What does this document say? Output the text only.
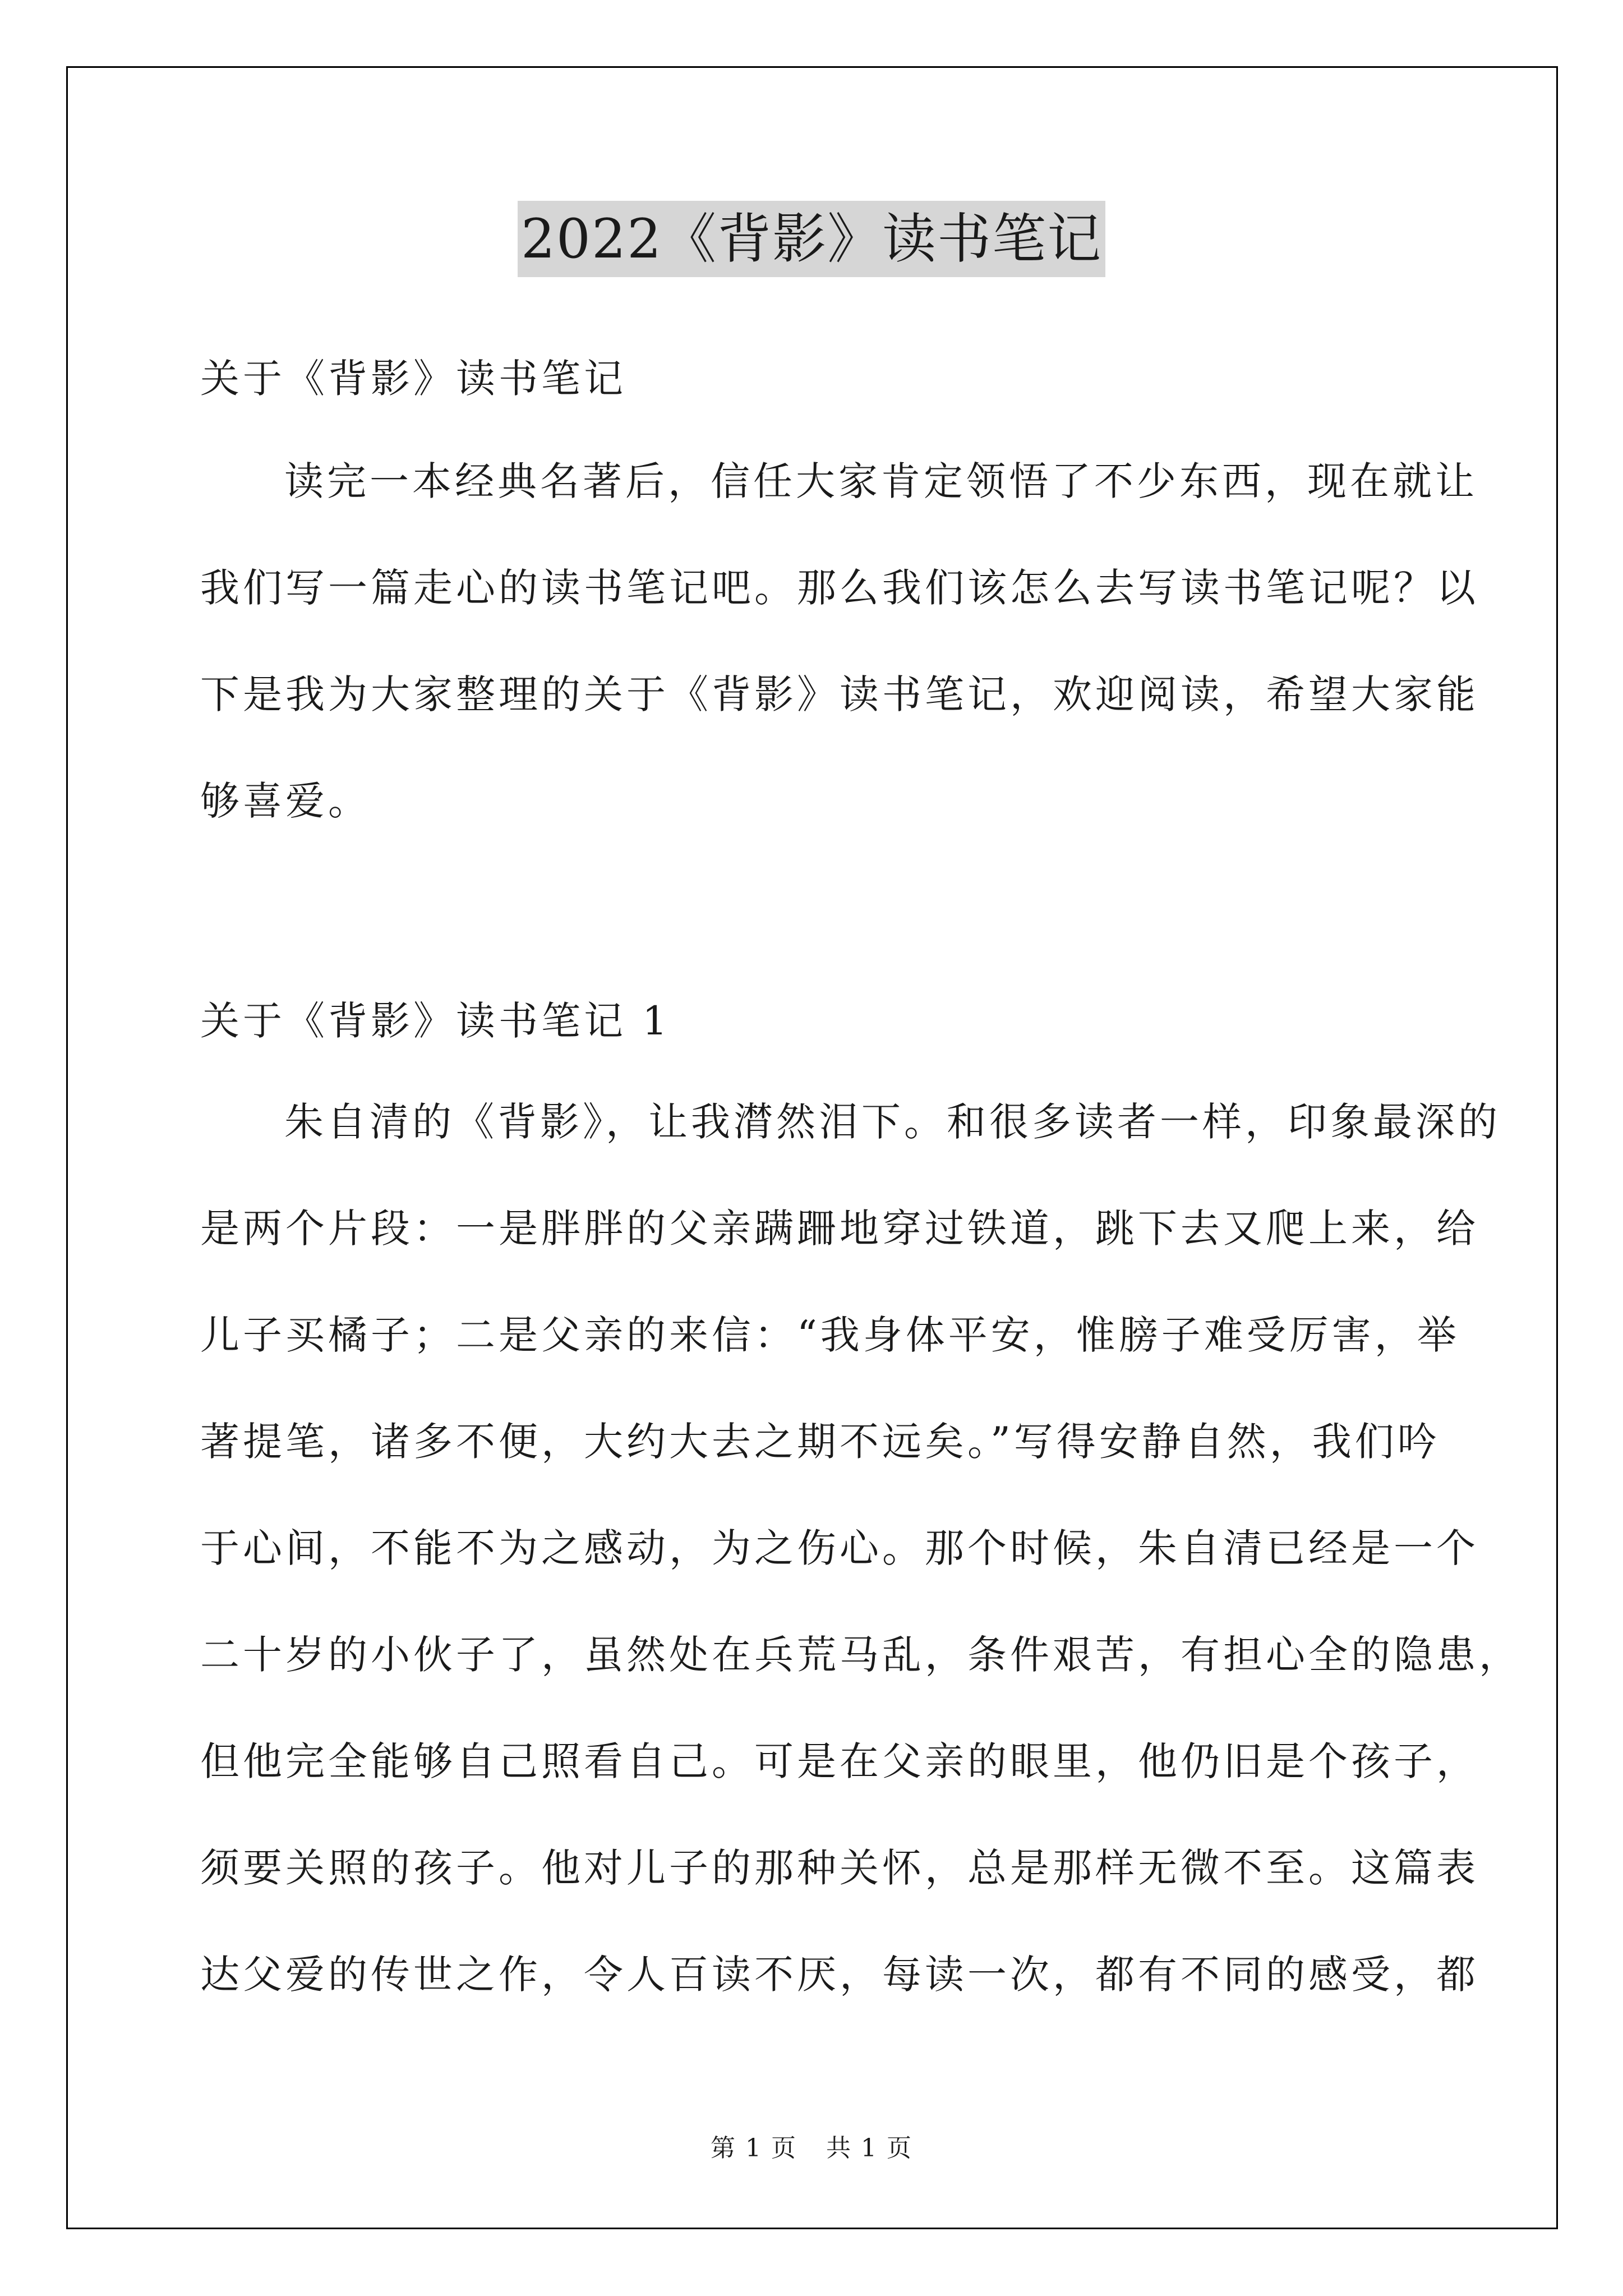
2022《背影》读书笔记
关于《背影》读书笔记
读完一本经典名著后，信任大家肯定领悟了不少东西，现在就让
我们写一篇走心的读书笔记吧。那么我们该怎么去写读书笔记呢？以
下是我为大家整理的关于《背影》读书笔记，欢迎阅读，希望大家能
够喜爱。
关于《背影》读书笔记 1
朱自清的《背影》，让我潸然泪下。和很多读者一样，印象最深的
是两个片段：一是胖胖的父亲蹒跚地穿过铁道，跳下去又爬上来，给
儿子买橘子；二是父亲的来信：“我身体平安，惟膀子难受厉害，举
著提笔，诸多不便，大约大去之期不远矣。”写得安静自然，我们吟
于心间，不能不为之感动，为之伤心。那个时候，朱自清已经是一个
二十岁的小伙子了，虽然处在兵荒马乱，条件艰苦，有担心全的隐患，
但他完全能够自己照看自己。可是在父亲的眼里，他仍旧是个孩子，
须要关照的孩子。他对儿子的那种关怀，总是那样无微不至。这篇表
达父爱的传世之作，令人百读不厌，每读一次，都有不同的感受，都
第 1 页 共 1 页
